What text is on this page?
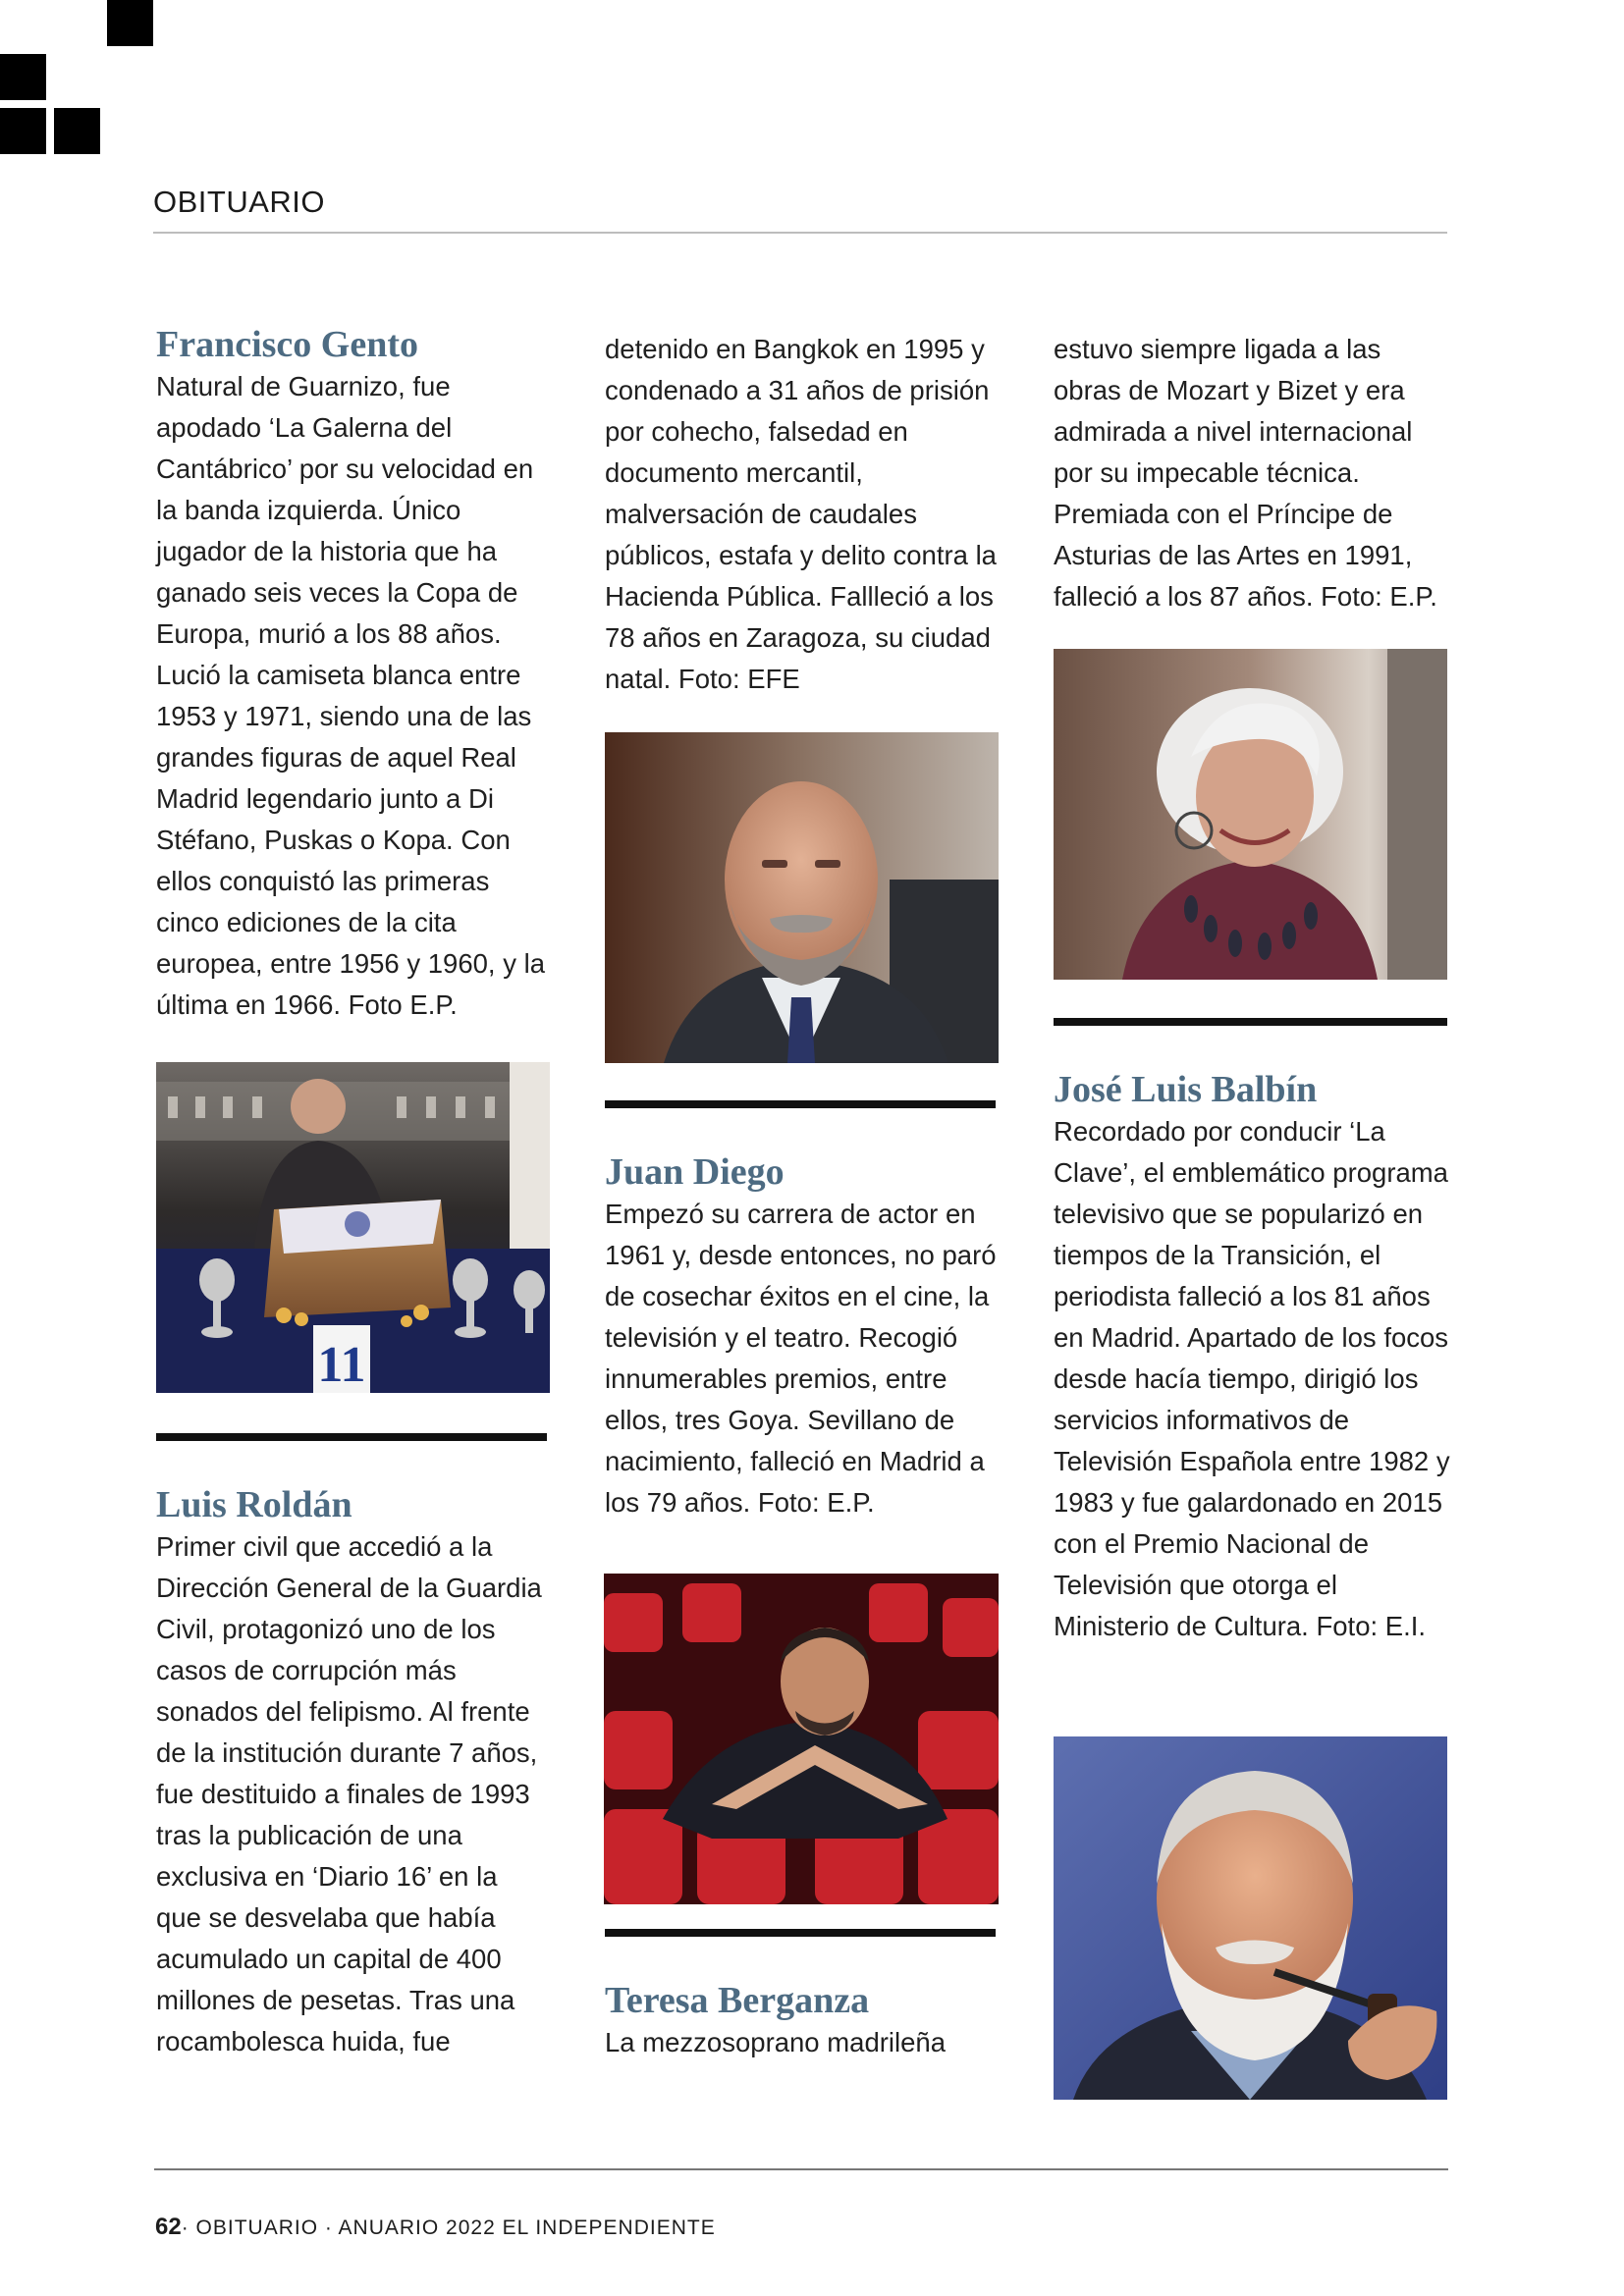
OBITUARIO
Francisco Gento

Natural de Guarnizo, fue apodado ‘La Galerna del Cantábrico’ por su velocidad en la banda izquierda. Único jugador de la historia que ha ganado seis veces la Copa de Europa, murió a los 88 años. Lució la camiseta blanca entre 1953 y 1971, siendo una de las grandes figuras de aquel Real Madrid legendario junto a Di Stéfano, Puskas o Kopa. Con ellos conquistó las primeras cinco ediciones de la cita europea, entre 1956 y 1960, y la última en 1966. Foto E.P.

11
Luis Roldán

Primer civil que accedió a la Dirección General de la Guardia Civil, protagonizó uno de los casos de corrupción más sonados del felipismo. Al frente de la institución durante 7 años, fue destituido a finales de 1993 tras la publicación de una exclusiva en ‘Diario 16’ en la que se desvelaba que había acumulado un capital de 400 millones de pesetas. Tras una rocambolesca huida, fue

detenido en Bangkok en 1995 y condenado a 31 años de prisión por cohecho, falsedad en documento mercantil, malversación de caudales públicos, estafa y delito contra la Hacienda Pública. Fallleció a los 78 años en Zaragoza, su ciudad natal. Foto: EFE

Juan Diego

Empezó su carrera de actor en 1961 y, desde entonces, no paró de cosechar éxitos en el cine, la televisión y el teatro. Recogió innumerables premios, entre ellos, tres Goya. Sevillano de nacimiento, falleció en Madrid a los 79 años. Foto: E.P.

Teresa Berganza

La mezzosoprano madrileña

estuvo siempre ligada a las obras de Mozart y Bizet y era admirada a nivel internacional por su impecable técnica. Premiada con el Príncipe de Asturias de las Artes en 1991, falleció a los 87 años. Foto: E.P.

José Luis Balbín

Recordado por conducir ‘La Clave’, el emblemático programa televisivo que se popularizó en tiempos de la Transición, el periodista falleció a los 81 años en Madrid. Apartado de los focos desde hacía tiempo, dirigió los servicios informativos de Televisión Española entre 1982 y 1983 y fue galardonado en 2015 con el Premio Nacional de Televisión que otorga el Ministerio de Cultura. Foto: E.I.

62· OBITUARIO · ANUARIO 2022 EL INDEPENDIENTE
